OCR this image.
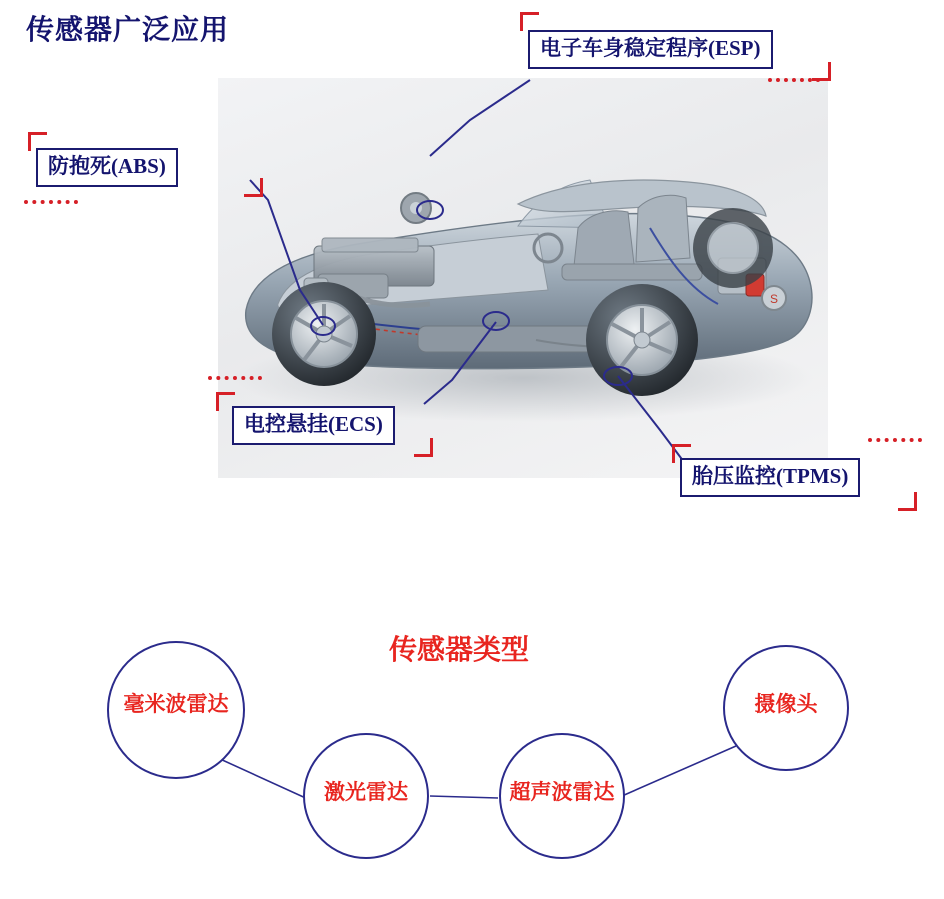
传感器广泛应用
S
电子车身稳定程序(ESP)
防抱死(ABS)
电控悬挂(ECS)
胎压监控(TPMS)
传感器类型
毫米波雷达
激光雷达	超声波雷达
摄像头
